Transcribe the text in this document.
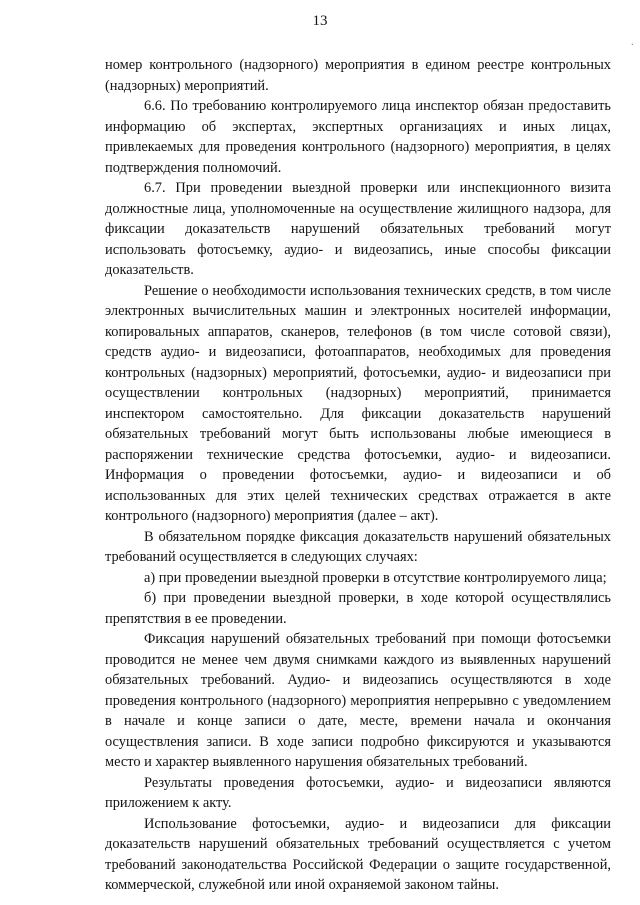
13
·

номер контрольного (надзорного) мероприятия в едином реестре контрольных (надзорных) мероприятий.

6.6. По требованию контролируемого лица инспектор обязан предоставить информацию об экспертах, экспертных организациях и иных лицах, привлекаемых для проведения контрольного (надзорного) мероприятия, в целях подтверждения полномочий.

6.7. При проведении выездной проверки или инспекционного визита должностные лица, уполномоченные на осуществление жилищного надзора, для фиксации доказательств нарушений обязательных требований могут использовать фотосъемку, аудио- и видеозапись, иные способы фиксации доказательств.

Решение о необходимости использования технических средств, в том числе электронных вычислительных машин и электронных носителей информации, копировальных аппаратов, сканеров, телефонов (в том числе сотовой связи), средств аудио- и видеозаписи, фотоаппаратов, необходимых для проведения контрольных (надзорных) мероприятий, фотосъемки, аудио- и видеозаписи при осуществлении контрольных (надзорных) мероприятий, принимается инспектором самостоятельно. Для фиксации доказательств нарушений обязательных требований могут быть использованы любые имеющиеся в распоряжении технические средства фотосъемки, аудио- и видеозаписи. Информация о проведении фотосъемки, аудио- и видеозаписи и об использованных для этих целей технических средствах отражается в акте контрольного (надзорного) мероприятия (далее – акт).

В обязательном порядке фиксация доказательств нарушений обязательных требований осуществляется в следующих случаях:

а) при проведении выездной проверки в отсутствие контролируемого лица;

б) при проведении выездной проверки, в ходе которой осуществлялись препятствия в ее проведении.

Фиксация нарушений обязательных требований при помощи фотосъемки проводится не менее чем двумя снимками каждого из выявленных нарушений обязательных требований. Аудио- и видеозапись осуществляются в ходе проведения контрольного (надзорного) мероприятия непрерывно с уведомлением в начале и конце записи о дате, месте, времени начала и окончания осуществления записи. В ходе записи подробно фиксируются и указываются место и характер выявленного нарушения обязательных требований.

Результаты проведения фотосъемки, аудио- и видеозаписи являются приложением к акту.

Использование фотосъемки, аудио- и видеозаписи для фиксации доказательств нарушений обязательных требований осуществляется с учетом требований законодательства Российской Федерации о защите государственной, коммерческой, служебной или иной охраняемой законом тайны.
